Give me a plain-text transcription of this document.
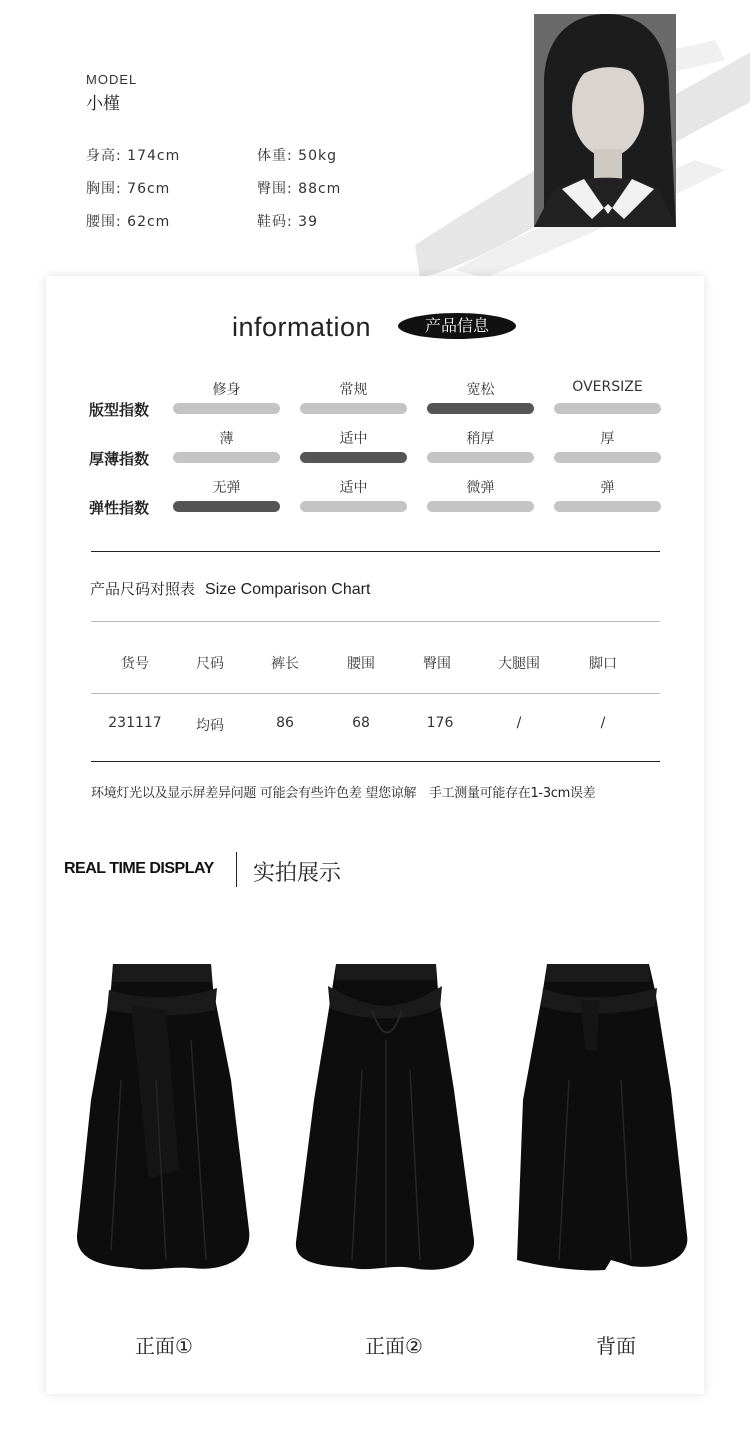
MODEL
小槿
身高: 174cm	体重: 50kg
胸围: 76cm	臀围: 88cm
腰围: 62cm	鞋码: 39
information	产品信息
版型指数
修身	常规	宽松	OVERSIZE
厚薄指数
薄	适中	稍厚	厚
弹性指数
无弹	适中	微弹	弹
产品尺码对照表 Size Comparison Chart
货号	尺码	裤长	腰围	臀围	大腿围	脚口
231117	均码	86	68	176	/	/
环境灯光以及显示屏差异问题 可能会有些许色差 望您谅解　手工测量可能存在1-3cm误差
REAL TIME DISPLAY 实拍展示
正面①	正面②	背面
